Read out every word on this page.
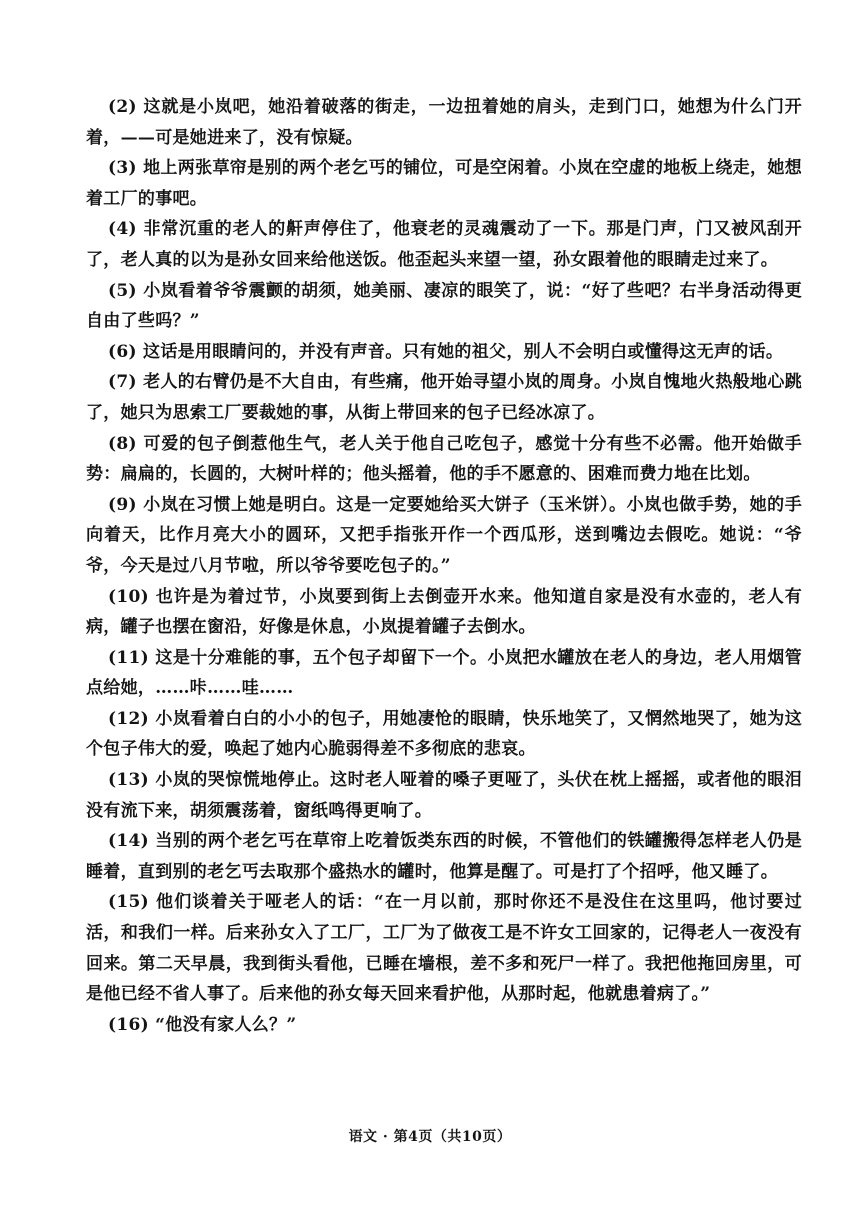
(2) 这就是小岚吧，她沿着破落的街走，一边扭着她的肩头，走到门口，她想为什么门开着，——可是她进来了，没有惊疑。

(3) 地上两张草帘是别的两个老乞丐的铺位，可是空闲着。小岚在空虚的地板上绕走，她想着工厂的事吧。

(4) 非常沉重的老人的鼾声停住了，他衰老的灵魂震动了一下。那是门声，门又被风刮开了，老人真的以为是孙女回来给他送饭。他歪起头来望一望，孙女跟着他的眼睛走过来了。

(5) 小岚看着爷爷震颤的胡须，她美丽、凄凉的眼笑了，说：“好了些吧？右半身活动得更自由了些吗？”

(6) 这话是用眼睛问的，并没有声音。只有她的祖父，别人不会明白或懂得这无声的话。

(7) 老人的右臂仍是不大自由，有些痛，他开始寻望小岚的周身。小岚自愧地火热般地心跳了，她只为思索工厂要裁她的事，从街上带回来的包子已经冰凉了。

(8) 可爱的包子倒惹他生气，老人关于他自己吃包子，感觉十分有些不必需。他开始做手势：扁扁的，长圆的，大树叶样的；他头摇着，他的手不愿意的、困难而费力地在比划。

(9) 小岚在习惯上她是明白。这是一定要她给买大饼子（玉米饼）。小岚也做手势，她的手向着天，比作月亮大小的圆环，又把手指张开作一个西瓜形，送到嘴边去假吃。她说：“爷爷，今天是过八月节啦，所以爷爷要吃包子的。”

(10) 也许是为着过节，小岚要到街上去倒壶开水来。他知道自家是没有水壶的，老人有病，罐子也摆在窗沿，好像是休息，小岚提着罐子去倒水。

(11) 这是十分难能的事，五个包子却留下一个。小岚把水罐放在老人的身边，老人用烟管点给她，……咔……哇……

(12) 小岚看着白白的小小的包子，用她凄怆的眼睛，快乐地笑了，又惘然地哭了，她为这个包子伟大的爱，唤起了她内心脆弱得差不多彻底的悲哀。

(13) 小岚的哭惊慌地停止。这时老人哑着的嗓子更哑了，头伏在枕上摇摇，或者他的眼泪没有流下来，胡须震荡着，窗纸鸣得更响了。

(14) 当别的两个老乞丐在草帘上吃着饭类东西的时候，不管他们的铁罐搬得怎样老人仍是睡着，直到别的老乞丐去取那个盛热水的罐时，他算是醒了。可是打了个招呼，他又睡了。

(15) 他们谈着关于哑老人的话：“在一月以前，那时你还不是没住在这里吗，他讨要过活，和我们一样。后来孙女入了工厂，工厂为了做夜工是不许女工回家的，记得老人一夜没有回来。第二天早晨，我到街头看他，已睡在墙根，差不多和死尸一样了。我把他拖回房里，可是他已经不省人事了。后来他的孙女每天回来看护他，从那时起，他就患着病了。”

(16) “他没有家人么？”

语文 · 第4页（共10页）
